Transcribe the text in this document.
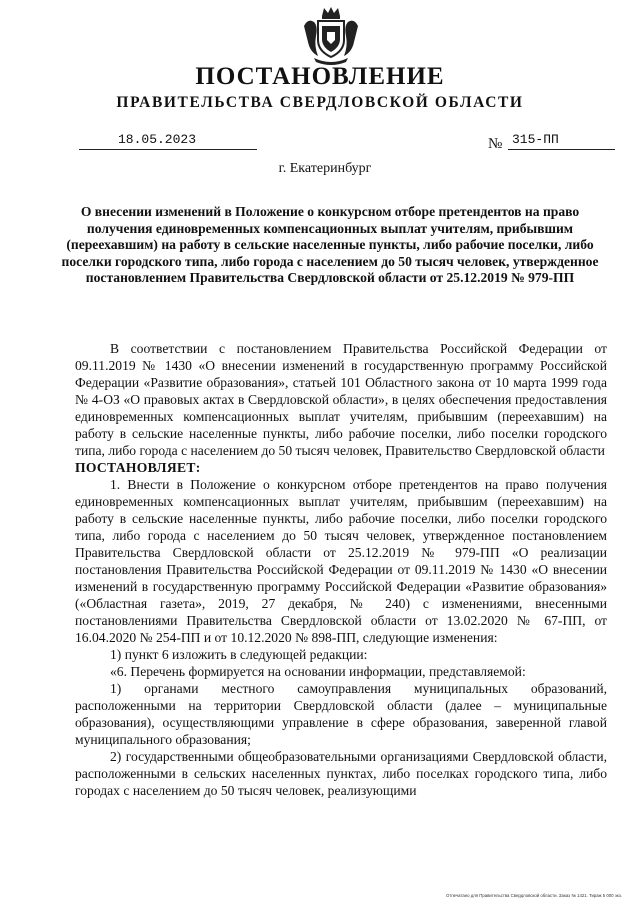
ПОСТАНОВЛЕНИЕ
ПРАВИТЕЛЬСТВА СВЕРДЛОВСКОЙ ОБЛАСТИ
18.05.2023	№ 315-ПП
г. Екатеринбург
О внесении изменений в Положение о конкурсном отборе претендентов на право получения единовременных компенсационных выплат учителям, прибывшим (переехавшим) на работу в сельские населенные пункты, либо рабочие поселки, либо поселки городского типа, либо города с населением до 50 тысяч человек, утвержденное постановлением Правительства Свердловской области от 25.12.2019 № 979-ПП

В соответствии с постановлением Правительства Российской Федерации от 09.11.2019 № 1430 «О внесении изменений в государственную программу Российской Федерации «Развитие образования», статьей 101 Областного закона от 10 марта 1999 года № 4-ОЗ «О правовых актах в Свердловской области», в целях обеспечения предоставления единовременных компенсационных выплат учителям, прибывшим (переехавшим) на работу в сельские населенные пункты, либо рабочие поселки, либо поселки городского типа, либо города с населением до 50 тысяч человек, Правительство Свердловской области

ПОСТАНОВЛЯЕТ:

1. Внести в Положение о конкурсном отборе претендентов на право получения единовременных компенсационных выплат учителям, прибывшим (переехавшим) на работу в сельские населенные пункты, либо рабочие поселки, либо поселки городского типа, либо города с населением до 50 тысяч человек, утвержденное постановлением Правительства Свердловской области от 25.12.2019 № 979-ПП «О реализации постановления Правительства Российской Федерации от 09.11.2019 № 1430 «О внесении изменений в государственную программу Российской Федерации «Развитие образования» («Областная газета», 2019, 27 декабря, № 240) с изменениями, внесенными постановлениями Правительства Свердловской области от 13.02.2020 № 67-ПП, от 16.04.2020 № 254-ПП и от 10.12.2020 № 898-ПП, следующие изменения:

1) пункт 6 изложить в следующей редакции:

«6. Перечень формируется на основании информации, представляемой:

1) органами местного самоуправления муниципальных образований, расположенными на территории Свердловской области (далее – муниципальные образования), осуществляющими управление в сфере образования, заверенной главой муниципального образования;

2) государственными общеобразовательными организациями Свердловской области, расположенными в сельских населенных пунктах, либо поселках городского типа, либо городах с населением до 50 тысяч человек, реализующими

Отпечатано для Правительства Свердловской области. Заказ № 1421. Тираж 5 000 экз.
